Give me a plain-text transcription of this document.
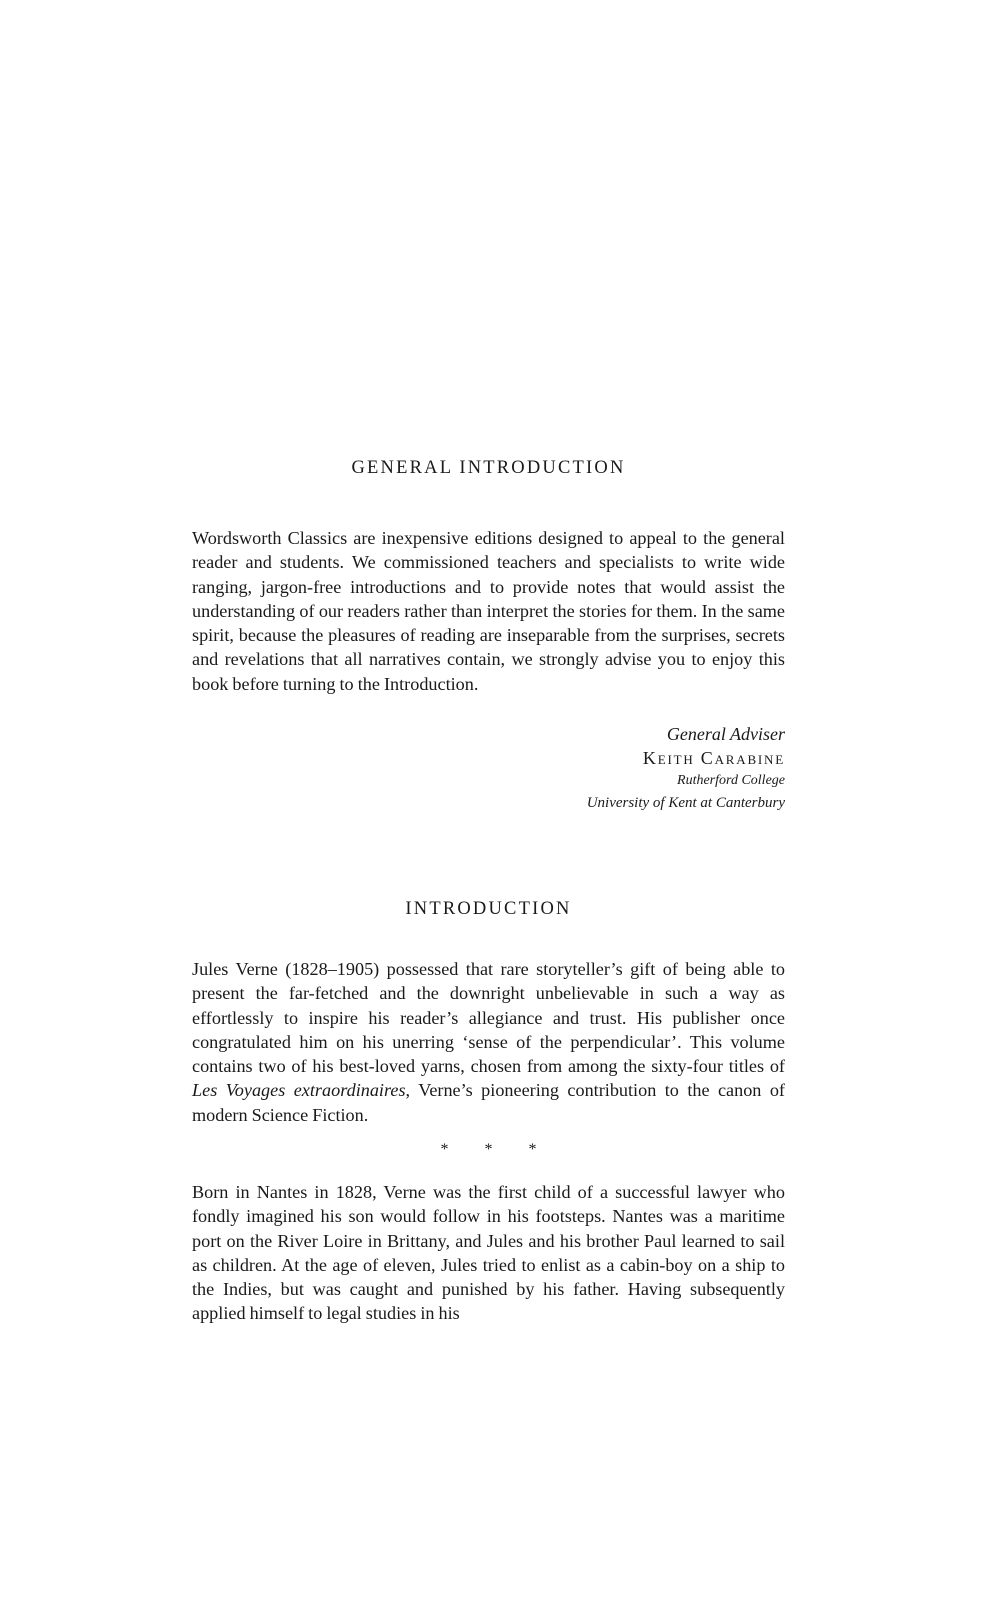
GENERAL INTRODUCTION

Wordsworth Classics are inexpensive editions designed to appeal to the general reader and students. We commissioned teachers and specialists to write wide ranging, jargon-free introductions and to provide notes that would assist the understanding of our readers rather than interpret the stories for them. In the same spirit, because the pleasures of reading are inseparable from the surprises, secrets and revelations that all narratives contain, we strongly advise you to enjoy this book before turning to the Introduction.

General Adviser
Keith Carabine
Rutherford College
University of Kent at Canterbury
INTRODUCTION

Jules Verne (1828–1905) possessed that rare storyteller’s gift of being able to present the far-fetched and the downright unbelievable in such a way as effortlessly to inspire his reader’s allegiance and trust. His publisher once congratulated him on his unerring ‘sense of the perpendicular’. This volume contains two of his best-loved yarns, chosen from among the sixty-four titles of Les Voyages extraordinaires, Verne’s pioneering contribution to the canon of modern Science Fiction.

* * *

Born in Nantes in 1828, Verne was the first child of a successful lawyer who fondly imagined his son would follow in his footsteps. Nantes was a maritime port on the River Loire in Brittany, and Jules and his brother Paul learned to sail as children. At the age of eleven, Jules tried to enlist as a cabin-boy on a ship to the Indies, but was caught and punished by his father. Having subsequently applied himself to legal studies in his
